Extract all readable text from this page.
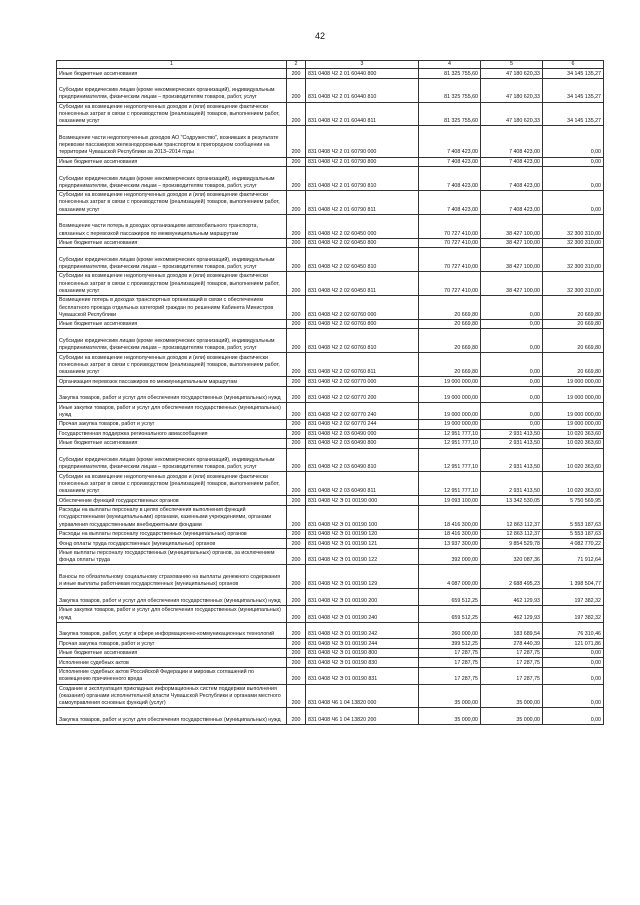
42
1	2	3	4	5	6
Иные бюджетные ассигнования	200	831 0408 Ч2 2 01 60440 800	81 325 755,60	47 180 620,33	34 145 135,27
Субсидии юридическим лицам (кроме некоммерческих организаций), индивидуальным предпринимателям, физическим лицам – производителям товаров, работ, услуг	200	831 0408 Ч2 2 01 60440 810	81 325 755,60	47 180 620,33	34 145 135,27
Субсидии на возмещение недополученных доходов и (или) возмещение фактически понесенных затрат в связи с производством (реализацией) товаров, выполнением работ, оказанием услуг	200	831 0408 Ч2 2 01 60440 811	81 325 755,60	47 180 620,33	34 145 135,27
Возмещение части недополученных доходов АО "Содружество", возникших в результате перевозки пассажиров железнодорожным транспортом в пригородном сообщении на территории Чувашской Республики за 2013–2014 годы	200	831 0408 Ч2 2 01 60790 000	7 408 423,00	7 408 423,00	0,00
Иные бюджетные ассигнования	200	831 0408 Ч2 2 01 60790 800	7 408 423,00	7 408 423,00	0,00
Субсидии юридическим лицам (кроме некоммерческих организаций), индивидуальным предпринимателям, физическим лицам – производителям товаров, работ, услуг	200	831 0408 Ч2 2 01 60790 810	7 408 423,00	7 408 423,00	0,00
Субсидии на возмещение недополученных доходов и (или) возмещение фактически понесенных затрат в связи с производством (реализацией) товаров, выполнением работ, оказанием услуг	200	831 0408 Ч2 2 01 60790 811	7 408 423,00	7 408 423,00	0,00
Возмещение части потерь в доходах организациям автомобильного транспорта, связанных с перевозкой пассажиров по межмуниципальным маршрутам	200	831 0408 Ч2 2 02 60450 000	70 727 410,00	38 427 100,00	32 300 310,00
Иные бюджетные ассигнования	200	831 0408 Ч2 2 02 60450 800	70 727 410,00	38 427 100,00	32 300 310,00
Субсидии юридическим лицам (кроме некоммерческих организаций), индивидуальным предпринимателям, физическим лицам – производителям товаров, работ, услуг	200	831 0408 Ч2 2 02 60450 810	70 727 410,00	38 427 100,00	32 300 310,00
Субсидии на возмещение недополученных доходов и (или) возмещение фактически понесенных затрат в связи с производством (реализацией) товаров, выполнением работ, оказанием услуг	200	831 0408 Ч2 2 02 60450 811	70 727 410,00	38 427 100,00	32 300 310,00
Возмещение потерь в доходах транспортных организаций в связи с обеспечением бесплатного проезда отдельных категорий граждан по решениям Кабинета Министров Чувашской Республики	200	831 0408 Ч2 2 02 60760 000	20 669,80	0,00	20 669,80
Иные бюджетные ассигнования	200	831 0408 Ч2 2 02 60760 800	20 669,80	0,00	20 669,80
Субсидии юридическим лицам (кроме некоммерческих организаций), индивидуальным предпринимателям, физическим лицам – производителям товаров, работ, услуг	200	831 0408 Ч2 2 02 60760 810	20 669,80	0,00	20 669,80
Субсидии на возмещение недополученных доходов и (или) возмещение фактически понесенных затрат в связи с производством (реализацией) товаров, выполнением работ, оказанием услуг	200	831 0408 Ч2 2 02 60760 811	20 669,80	0,00	20 669,80
Организация перевозок пассажиров по межмуниципальным маршрутам	200	831 0408 Ч2 2 02 60770 000	19 000 000,00	0,00	19 000 000,00
Закупка товаров, работ и услуг для обеспечения государственных (муниципальных) нужд	200	831 0408 Ч2 2 02 60770 200	19 000 000,00	0,00	19 000 000,00
Иные закупки товаров, работ и услуг для обеспечения государственных (муниципальных) нужд	200	831 0408 Ч2 2 02 60770 240	19 000 000,00	0,00	19 000 000,00
Прочая закупка товаров, работ и услуг	200	831 0408 Ч2 2 02 60770 244	19 000 000,00	0,00	19 000 000,00
Государственная поддержка регионального авиасообщения	200	831 0408 Ч2 2 03 60490 000	12 951 777,10	2 931 413,50	10 020 363,60
Иные бюджетные ассигнования	200	831 0408 Ч2 2 03 60490 800	12 951 777,10	2 931 413,50	10 020 363,60
Субсидии юридическим лицам (кроме некоммерческих организаций), индивидуальным предпринимателям, физическим лицам – производителям товаров, работ, услуг	200	831 0408 Ч2 2 03 60490 810	12 951 777,10	2 931 413,50	10 020 363,60
Субсидии на возмещение недополученных доходов и (или) возмещение фактически понесенных затрат в связи с производством (реализацией) товаров, выполнением работ, оказанием услуг	200	831 0408 Ч2 2 03 60490 811	12 951 777,10	2 931 413,50	10 020 363,60
Обеспечение функций государственных органов	200	831 0408 Ч2 Э 01 00190 000	19 093 100,00	13 342 530,05	5 750 569,95
Расходы на выплаты персоналу в целях обеспечения выполнения функций государственными (муниципальными) органами, казенными учреждениями, органами управления государственными внебюджетными фондами	200	831 0408 Ч2 Э 01 00190 100	18 416 300,00	12 863 112,37	5 553 187,63
Расходы на выплаты персоналу государственных (муниципальных) органов	200	831 0408 Ч2 Э 01 00190 120	18 416 300,00	12 863 112,37	5 553 187,63
Фонд оплаты труда государственных (муниципальных) органов	200	831 0408 Ч2 Э 01 00190 121	13 937 300,00	9 854 529,78	4 082 770,22
Иные выплаты персоналу государственных (муниципальных) органов, за исключением фонда оплаты труда	200	831 0408 Ч2 Э 01 00190 122	392 000,00	320 087,36	71 912,64
Взносы по обязательному социальному страхованию на выплаты денежного содержания и иные выплаты работникам государственных (муниципальных) органов	200	831 0408 Ч2 Э 01 00190 129	4 087 000,00	2 688 495,23	1 398 504,77
Закупка товаров, работ и услуг для обеспечения государственных (муниципальных) нужд	200	831 0408 Ч2 Э 01 00190 200	659 512,25	462 129,93	197 382,32
Иные закупки товаров, работ и услуг для обеспечения государственных (муниципальных) нужд	200	831 0408 Ч2 Э 01 00190 240	659 512,25	462 129,93	197 382,32
Закупка товаров, работ, услуг в сфере информационно-коммуникационных технологий	200	831 0408 Ч2 Э 01 00190 242	260 000,00	183 689,54	76 310,46
Прочая закупка товаров, работ и услуг	200	831 0408 Ч2 Э 01 00190 244	399 512,25	278 440,39	121 071,86
Иные бюджетные ассигнования	200	831 0408 Ч2 Э 01 00190 800	17 287,75	17 287,75	0,00
Исполнение судебных актов	200	831 0408 Ч2 Э 01 00190 830	17 287,75	17 287,75	0,00
Исполнение судебных актов Российской Федерации и мировых соглашений по возмещению причиненного вреда	200	831 0408 Ч2 Э 01 00190 831	17 287,75	17 287,75	0,00
Создание и эксплуатация прикладных информационных систем поддержки выполнения (оказания) органами исполнительной власти Чувашской Республики и органами местного самоуправления основных функций (услуг)	200	831 0408 Ч6 1 04 13820 000	35 000,00	35 000,00	0,00
Закупка товаров, работ и услуг для обеспечения государственных (муниципальных) нужд	200	831 0408 Ч6 1 04 13820 200	35 000,00	35 000,00	0,00
